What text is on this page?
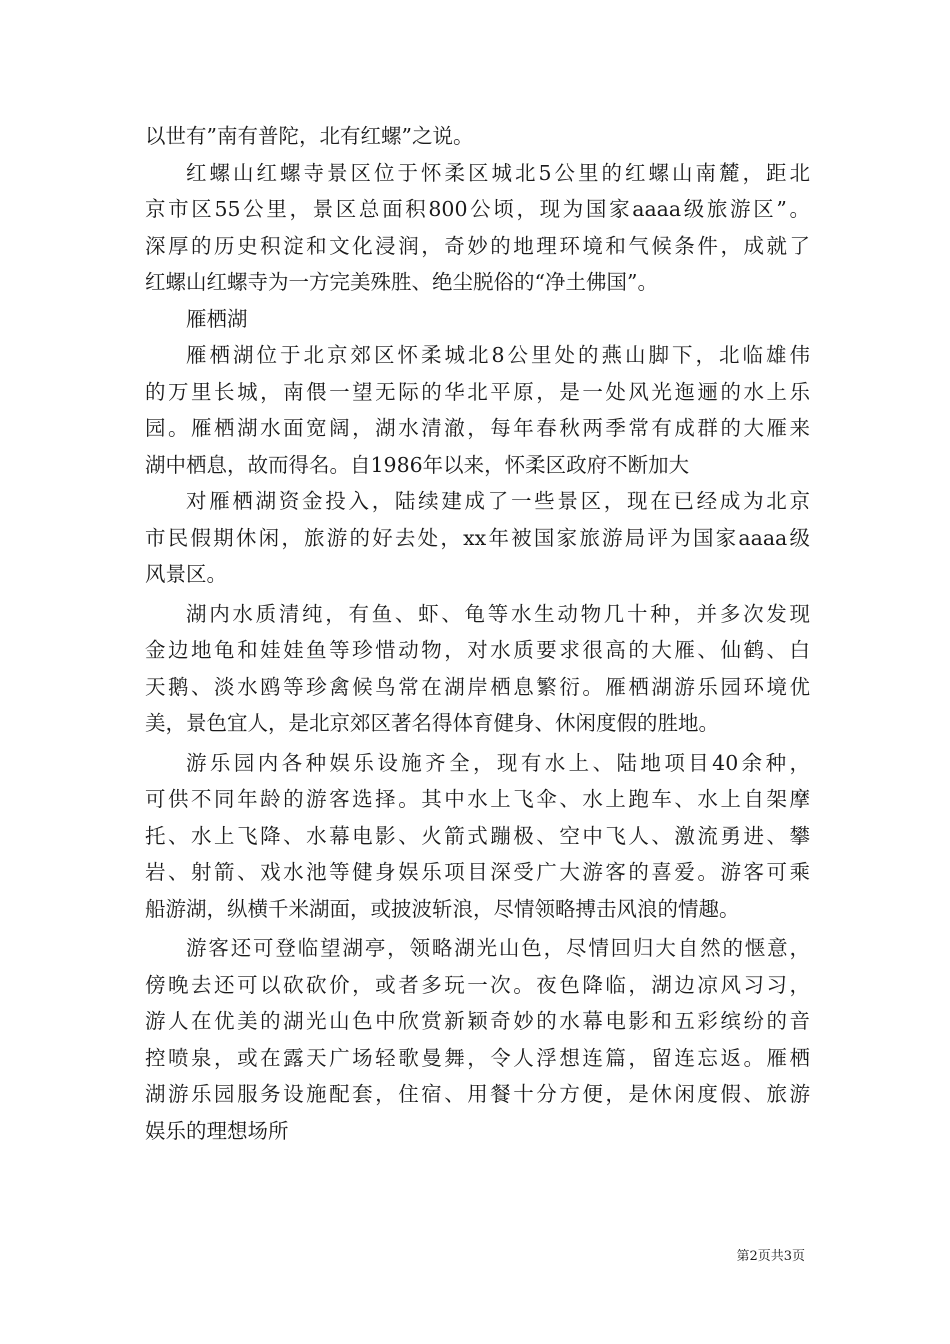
以世有”南有普陀，北有红螺”之说。
红螺山红螺寺景区位于怀柔区城北5公里的红螺山南麓，距北
京市区55公里，景区总面积800公顷，现为国家aaaa级旅游区”。
深厚的历史积淀和文化浸润，奇妙的地理环境和气候条件，成就了
红螺山红螺寺为一方完美殊胜、绝尘脱俗的“净土佛国”。
雁栖湖
雁栖湖位于北京郊区怀柔城北8公里处的燕山脚下，北临雄伟
的万里长城，南偎一望无际的华北平原，是一处风光迤逦的水上乐
园。雁栖湖水面宽阔，湖水清澈，每年春秋两季常有成群的大雁来
湖中栖息，故而得名。自1986年以来，怀柔区政府不断加大
对雁栖湖资金投入，陆续建成了一些景区，现在已经成为北京
市民假期休闲，旅游的好去处，xx年被国家旅游局评为国家aaaa级
风景区。
湖内水质清纯，有鱼、虾、龟等水生动物几十种，并多次发现
金边地龟和娃娃鱼等珍惜动物，对水质要求很高的大雁、仙鹤、白
天鹅、淡水鸥等珍禽候鸟常在湖岸栖息繁衍。雁栖湖游乐园环境优
美，景色宜人，是北京郊区著名得体育健身、休闲度假的胜地。
游乐园内各种娱乐设施齐全，现有水上、陆地项目40余种，
可供不同年龄的游客选择。其中水上飞伞、水上跑车、水上自架摩
托、水上飞降、水幕电影、火箭式蹦极、空中飞人、激流勇进、攀
岩、射箭、戏水池等健身娱乐项目深受广大游客的喜爱。游客可乘
船游湖，纵横千米湖面，或披波斩浪，尽情领略搏击风浪的情趣。
游客还可登临望湖亭，领略湖光山色，尽情回归大自然的惬意，
傍晚去还可以砍砍价，或者多玩一次。夜色降临，湖边凉风习习，
游人在优美的湖光山色中欣赏新颖奇妙的水幕电影和五彩缤纷的音
控喷泉，或在露天广场轻歌曼舞，令人浮想连篇，留连忘返。雁栖
湖游乐园服务设施配套，住宿、用餐十分方便，是休闲度假、旅游
娱乐的理想场所
第2页共3页
